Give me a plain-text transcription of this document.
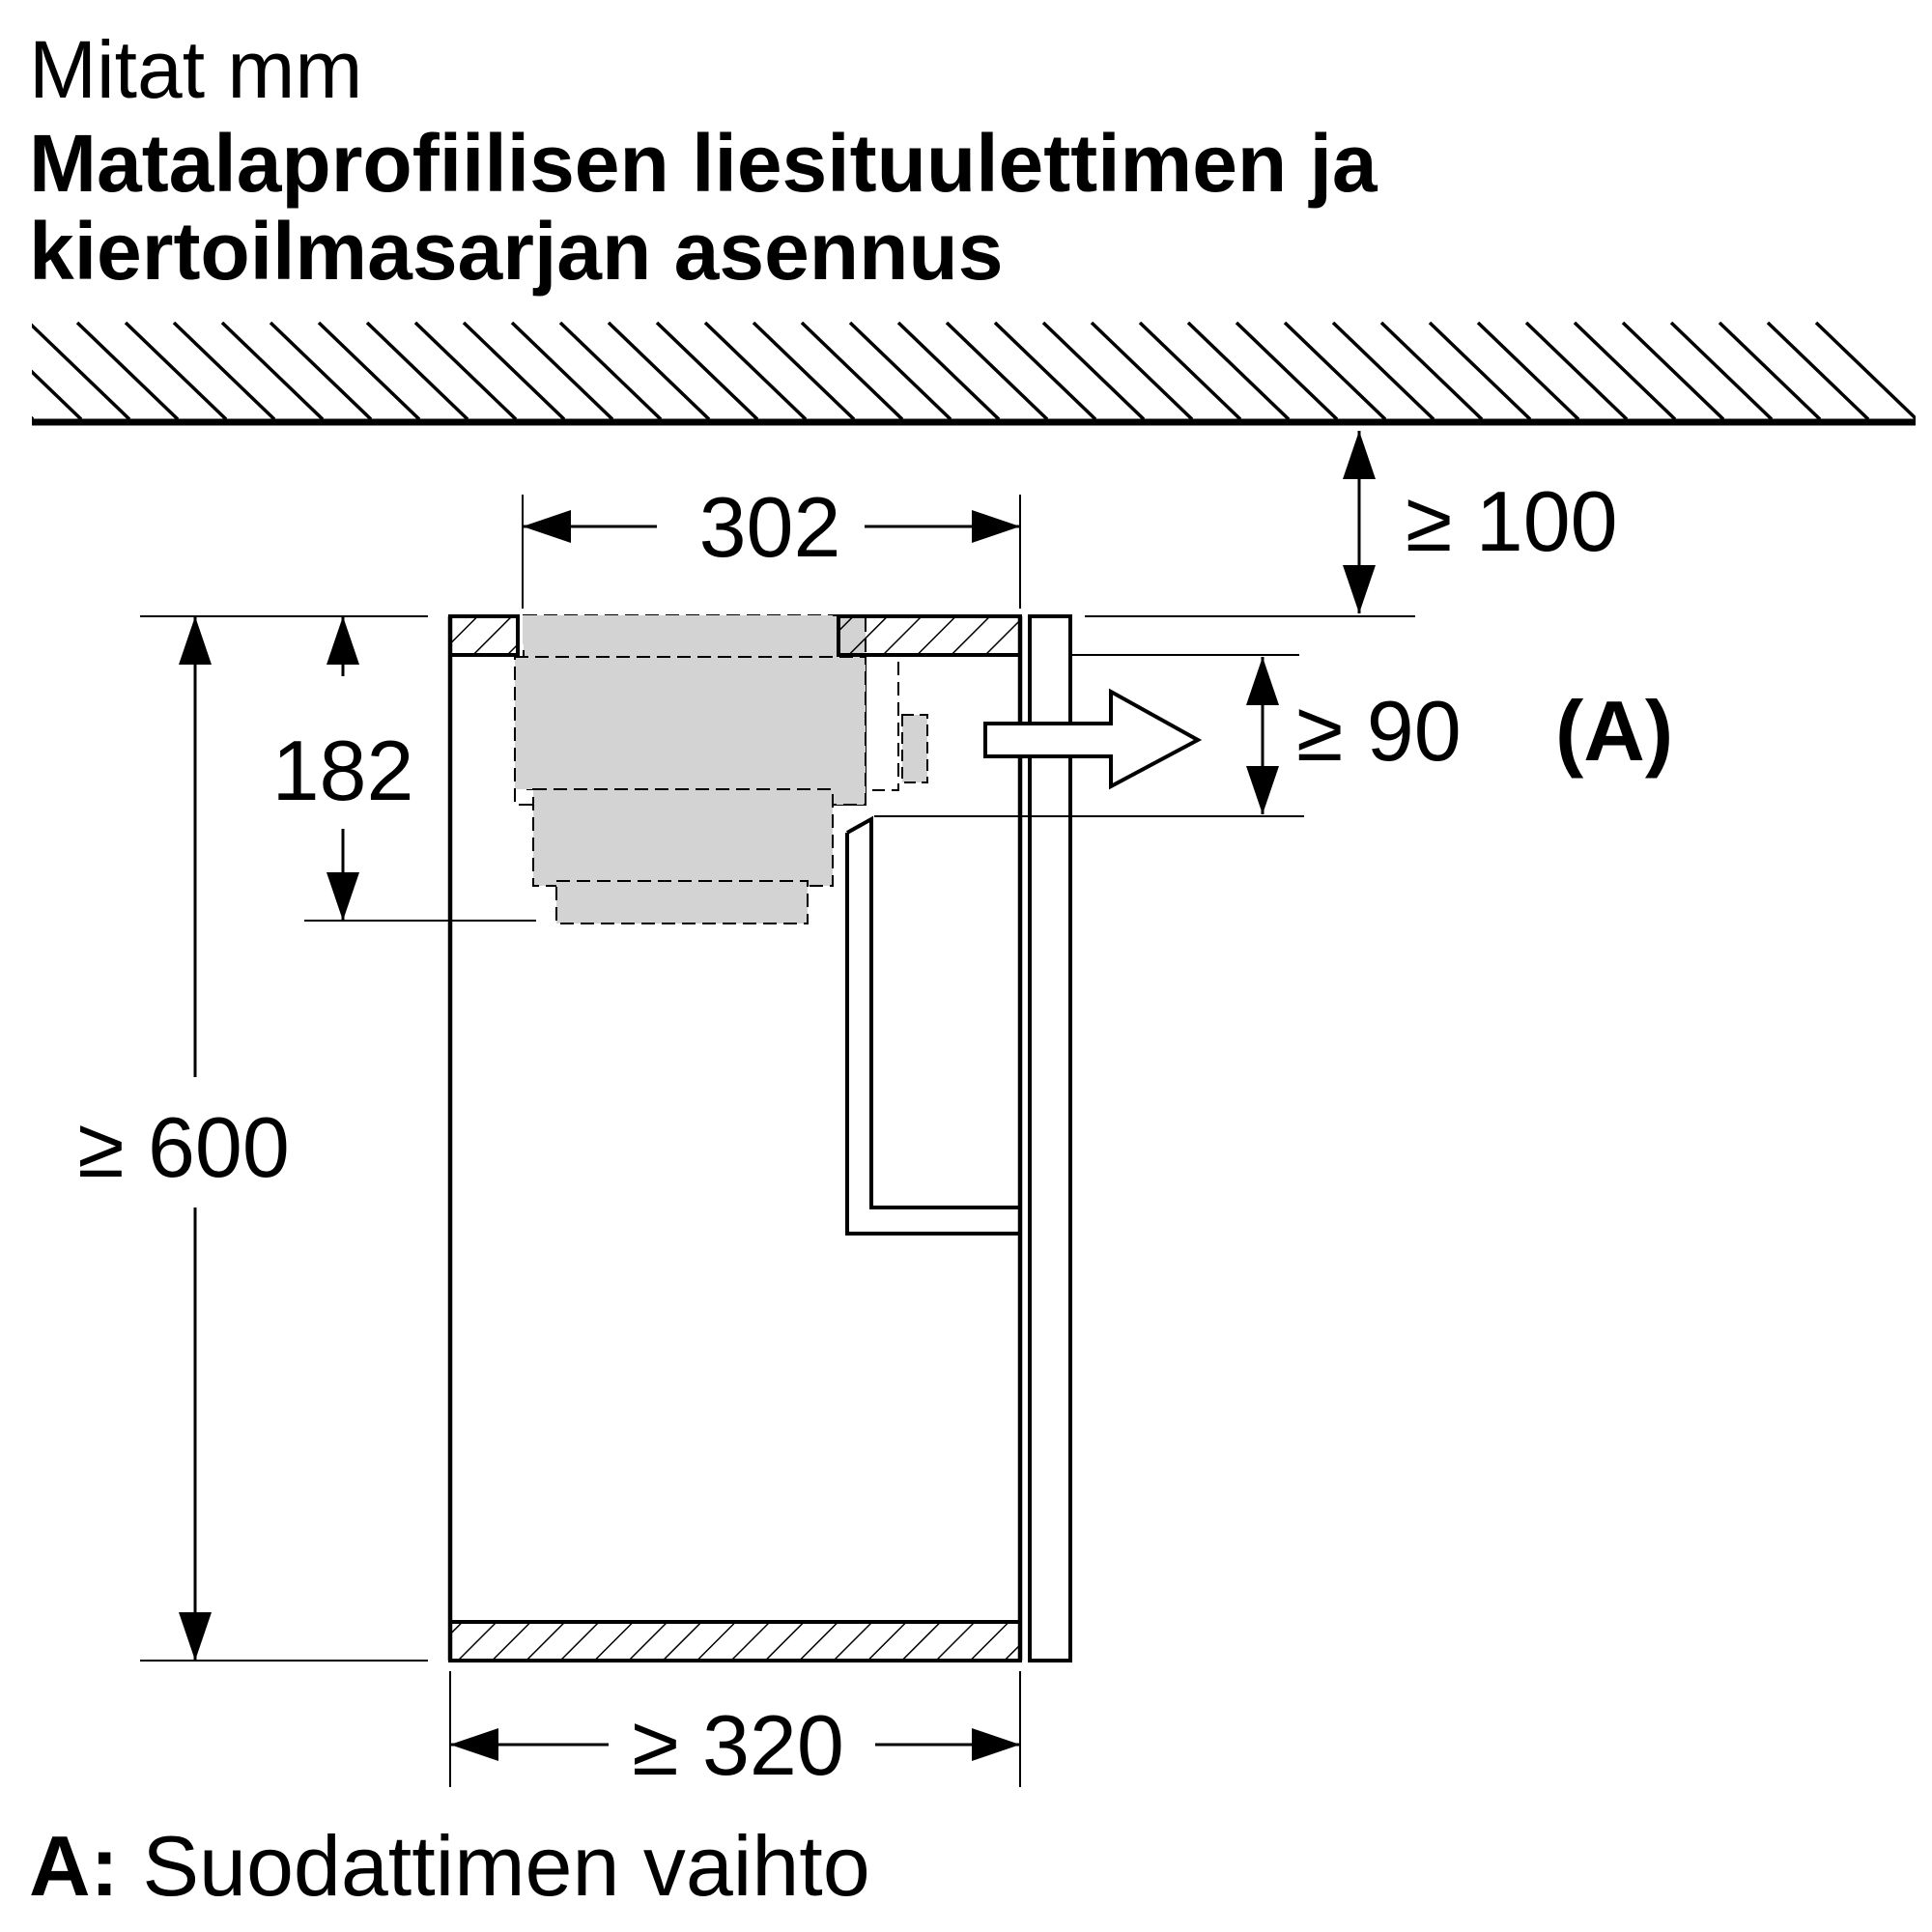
Mitat mm
Matalaprofiilisen liesituulettimen ja
kiertoilmasarjan asennus
302
≥ 600
182
≥ 320
≥ 100
≥ 90 (A)
A: Suodattimen vaihto
